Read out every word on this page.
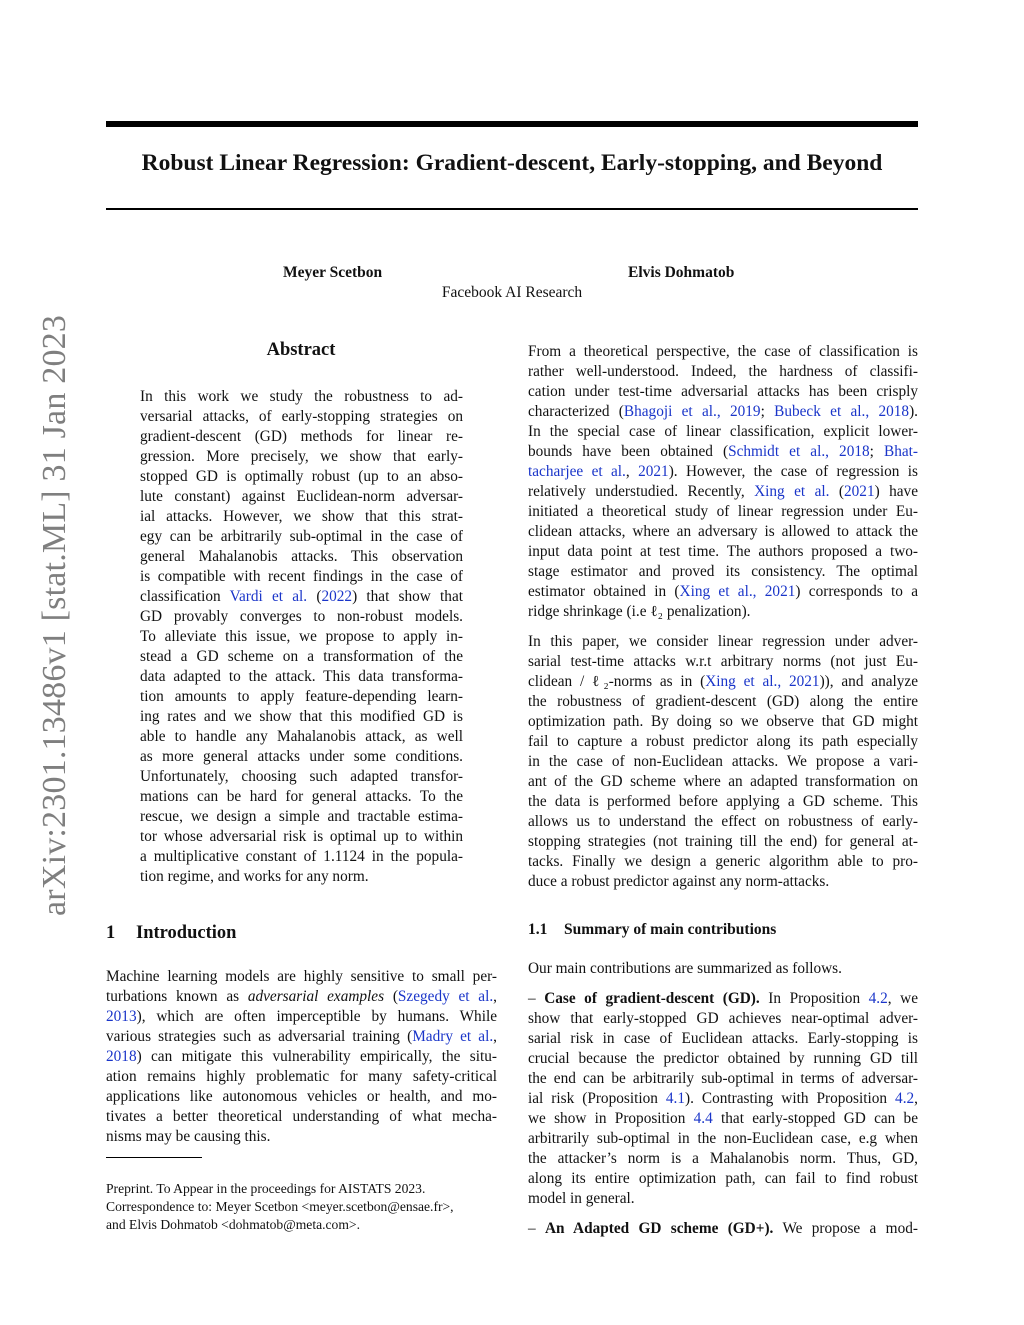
Robust Linear Regression: Gradient-descent, Early-stopping, and Beyond
Meyer Scetbon	Elvis Dohmatob
Facebook AI Research
arXiv:2301.13486v1 [stat.ML] 31 Jan 2023	Abstract
In this work we study the robustness to ad-
versarial attacks, of early-stopping strategies on
gradient-descent (GD) methods for linear re-
gression. More precisely, we show that early-
stopped GD is optimally robust (up to an abso-
lute constant) against Euclidean-norm adversar-
ial attacks. However, we show that this strat-
egy can be arbitrarily sub-optimal in the case of
general Mahalanobis attacks. This observation
is compatible with recent findings in the case of
classification Vardi et al. (2022) that show that
GD provably converges to non-robust models.
To alleviate this issue, we propose to apply in-
stead a GD scheme on a transformation of the
data adapted to the attack. This data transforma-
tion amounts to apply feature-depending learn-
ing rates and we show that this modified GD is
able to handle any Mahalanobis attack, as well
as more general attacks under some conditions.
Unfortunately, choosing such adapted transfor-
mations can be hard for general attacks. To the
rescue, we design a simple and tractable estima-
tor whose adversarial risk is optimal up to within
a multiplicative constant of 1.1124 in the popula-
tion regime, and works for any norm.
1 Introduction
Machine learning models are highly sensitive to small per-
turbations known as adversarial examples (Szegedy et al.,
2013), which are often imperceptible by humans. While
various strategies such as adversarial training (Madry et al.,
2018) can mitigate this vulnerability empirically, the situ-
ation remains highly problematic for many safety-critical
applications like autonomous vehicles or health, and mo-
tivates a better theoretical understanding of what mecha-
nisms may be causing this.
Preprint. To Appear in the proceedings for AISTATS 2023.
Correspondence to: Meyer Scetbon <meyer.scetbon@ensae.fr>,
and Elvis Dohmatob <dohmatob@meta.com>.
From a theoretical perspective, the case of classification is
rather well-understood. Indeed, the hardness of classifi-
cation under test-time adversarial attacks has been crisply
characterized (Bhagoji et al., 2019; Bubeck et al., 2018).
In the special case of linear classification, explicit lower-
bounds have been obtained (Schmidt et al., 2018; Bhat-
tacharjee et al., 2021). However, the case of regression is
relatively understudied. Recently, Xing et al. (2021) have
initiated a theoretical study of linear regression under Eu-
clidean attacks, where an adversary is allowed to attack the
input data point at test time. The authors proposed a two-
stage estimator and proved its consistency. The optimal
estimator obtained in (Xing et al., 2021) corresponds to a
ridge shrinkage (i.e ℓ₂ penalization).
In this paper, we consider linear regression under adver-
sarial test-time attacks w.r.t arbitrary norms (not just Eu-
clidean / ℓ₂-norms as in (Xing et al., 2021)), and analyze
the robustness of gradient-descent (GD) along the entire
optimization path. By doing so we observe that GD might
fail to capture a robust predictor along its path especially
in the case of non-Euclidean attacks. We propose a vari-
ant of the GD scheme where an adapted transformation on
the data is performed before applying a GD scheme. This
allows us to understand the effect on robustness of early-
stopping strategies (not training till the end) for general at-
tacks. Finally we design a generic algorithm able to pro-
duce a robust predictor against any norm-attacks.
1.1 Summary of main contributions
Our main contributions are summarized as follows.
– Case of gradient-descent (GD). In Proposition 4.2, we
show that early-stopped GD achieves near-optimal adver-
sarial risk in case of Euclidean attacks. Early-stopping is
crucial because the predictor obtained by running GD till
the end can be arbitrarily sub-optimal in terms of adversar-
ial risk (Proposition 4.1). Contrasting with Proposition 4.2,
we show in Proposition 4.4 that early-stopped GD can be
arbitrarily sub-optimal in the non-Euclidean case, e.g when
the attacker’s norm is a Mahalanobis norm. Thus, GD,
along its entire optimization path, can fail to find robust
model in general.
– An Adapted GD scheme (GD+). We propose a mod-
